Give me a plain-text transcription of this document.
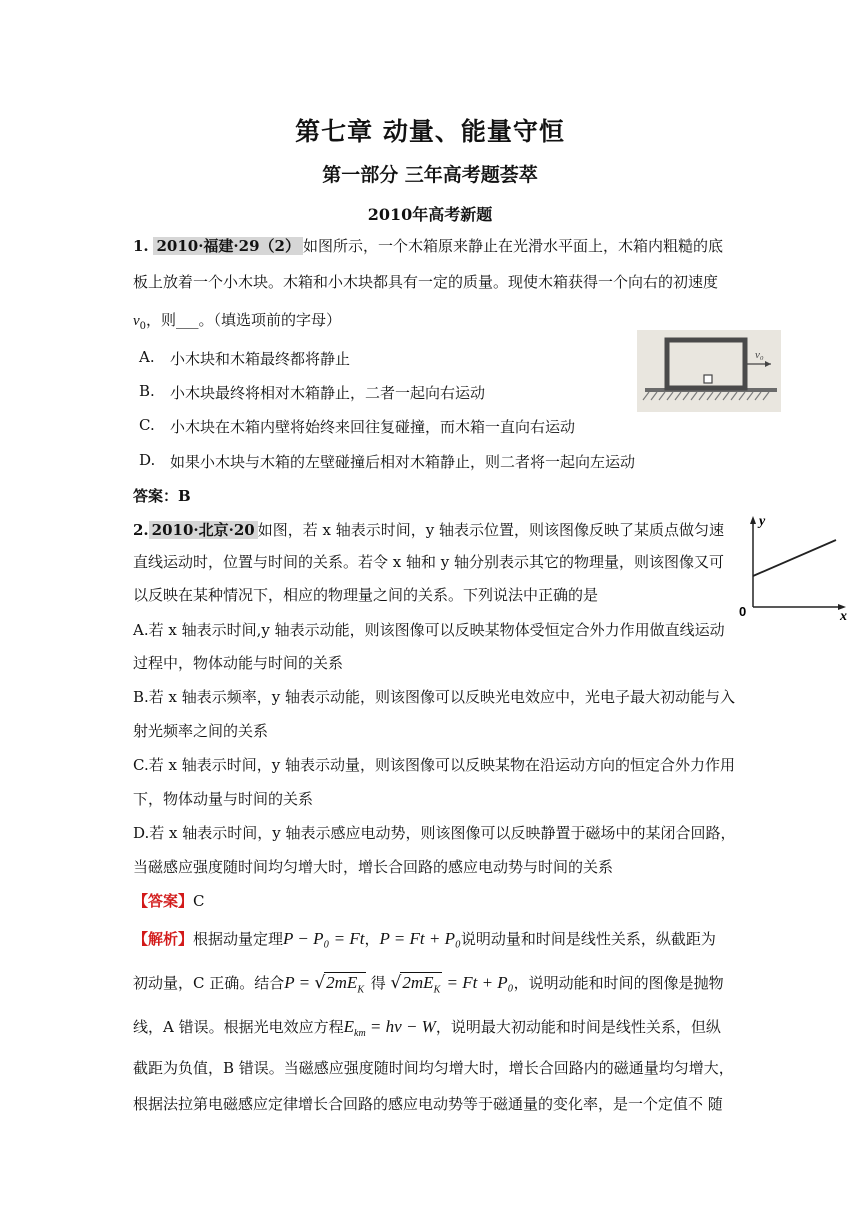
第七章 动量、能量守恒
第一部分 三年高考题荟萃
2010年高考新题
1. 2010·福建·29（2） 如图所示，一个木箱原来静止在光滑水平面上，木箱内粗糙的底
板上放着一个小木块。木箱和小木块都具有一定的质量。现使木箱获得一个向右的初速度
$v_0$，则___。（填选项前的字母）
A. 小木块和木箱最终都将静止
B. 小木块最终将相对木箱静止，二者一起向右运动
C. 小木块在木箱内壁将始终来回往复碰撞，而木箱一直向右运动
D. 如果小木块与木箱的左壁碰撞后相对木箱静止，则二者将一起向左运动
v₀
答案：B
2. 2010·北京·20 如图，若 x 轴表示时间，y 轴表示位置，则该图像反映了某质点做匀速
直线运动时，位置与时间的关系。若令 x 轴和 y 轴分别表示其它的物理量，则该图像又可
以反映在某种情况下，相应的物理量之间的关系。下列说法中正确的是
y
x
0
A.若 x 轴表示时间,y 轴表示动能，则该图像可以反映某物体受恒定合外力作用做直线运动
过程中，物体动能与时间的关系
B.若 x 轴表示频率，y 轴表示动能，则该图像可以反映光电效应中，光电子最大初动能与入
射光频率之间的关系
C.若 x 轴表示时间，y 轴表示动量，则该图像可以反映某物在沿运动方向的恒定合外力作用
下，物体动量与时间的关系
D.若 x 轴表示时间，y 轴表示感应电动势，则该图像可以反映静置于磁场中的某闭合回路，
当磁感应强度随时间均匀增大时，增长合回路的感应电动势与时间的关系
【答案】C
【解析】根据动量定理P − P₀ = Ft，P = Ft + P₀说明动量和时间是线性关系，纵截距为
初动量，C 正确。结合$P = √2mE_K$ 得 $√2mE_K = Ft + P_0$，说明动能和时间的图像是抛物
线，A 错误。根据光电效应方程$E_{km} = h\nu - W$，说明最大初动能和时间是线性关系，但纵
截距为负值，B 错误。当磁感应强度随时间均匀增大时，增长合回路内的磁通量均匀增大，
根据法拉第电磁感应定律增长合回路的感应电动势等于磁通量的变化率，是一个定值不 随
